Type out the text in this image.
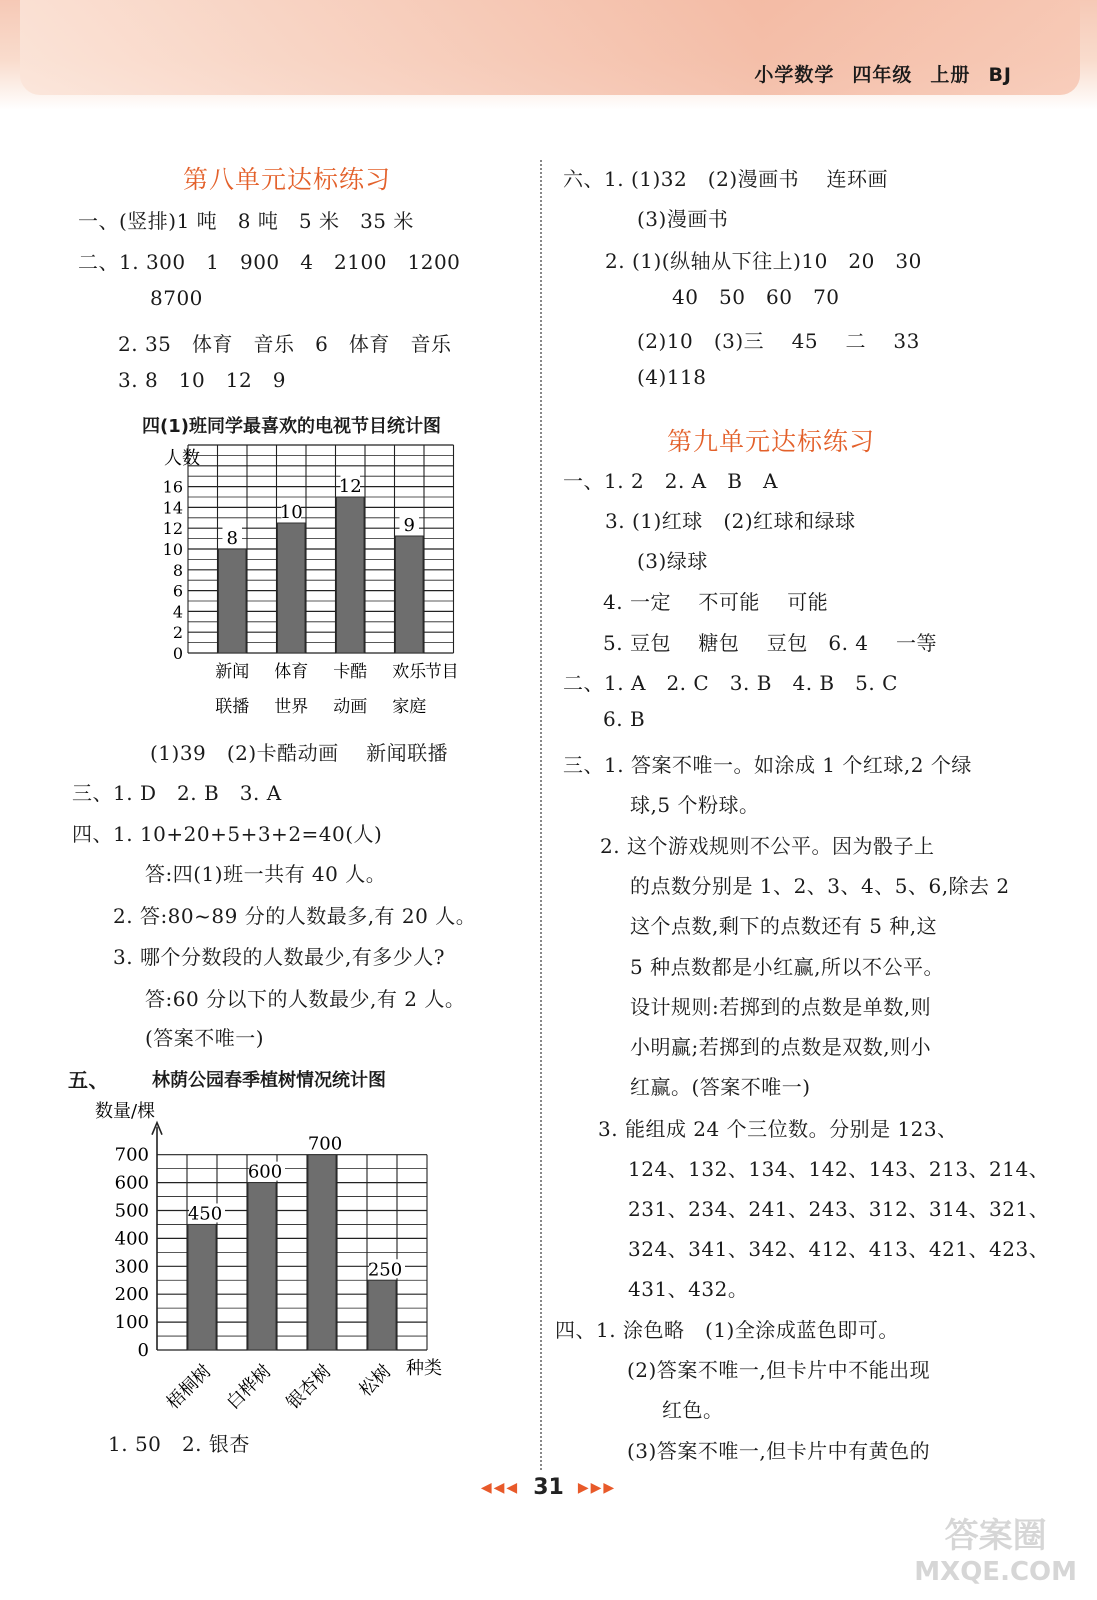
小学数学 四年级 上册 BJ
第八单元达标练习
一、(竖排)1 吨   8 吨   5 米   35 米
二、1. 300   1   900   4   2100   1200
8700
2. 35   体育   音乐   6   体育   音乐
3. 8   10   12   9
四(1)班同学最喜欢的电视节目统计图
0
2
4
6
8
10
12
14
16
人数
8
新闻
联播
10
体育
世界
12
卡酷
动画
9
欢乐
家庭
节目
(1)39   (2)卡酷动画    新闻联播
三、1. D   2. B   3. A
四、1. 10+20+5+3+2=40(人)
答:四(1)班一共有 40 人。
2. 答:80~89 分的人数最多,有 20 人。
3. 哪个分数段的人数最少,有多少人?
答:60 分以下的人数最少,有 2 人。
(答案不唯一)
五、 林荫公园春季植树情况统计图
0
100
200
300
400
500
600
700
数量/棵
450
梧桐树
600
白桦树
700
银杏树
250
松树 种类
1. 50   2. 银杏
六、1. (1)32   (2)漫画书    连环画
(3)漫画书
2. (1)(纵轴从下往上)10   20   30
40   50   60   70
(2)10   (3)三    45    二    33
(4)118
第九单元达标练习
一、1. 2   2. A   B   A
3. (1)红球   (2)红球和绿球
(3)绿球
4. 一定    不可能    可能
5. 豆包    糖包    豆包   6. 4    一等
二、1. A   2. C   3. B   4. B   5. C
6. B
三、1. 答案不唯一。如涂成 1 个红球,2 个绿
球,5 个粉球。
2. 这个游戏规则不公平。因为骰子上
的点数分别是 1、2、3、4、5、6,除去 2
这个点数,剩下的点数还有 5 种,这
5 种点数都是小红赢,所以不公平。
设计规则:若掷到的点数是单数,则
小明赢;若掷到的点数是双数,则小
红赢。(答案不唯一)
3. 能组成 24 个三位数。分别是 123、
124、132、134、142、143、213、214、
231、234、241、243、312、314、321、
324、341、342、412、413、421、423、
431、432。
四、1. 涂色略   (1)全涂成蓝色即可。
(2)答案不唯一,但卡片中不能出现
红色。
(3)答案不唯一,但卡片中有黄色的
◀◀◀ 31 ▶▶▶
答案圈
MXQE.COM
